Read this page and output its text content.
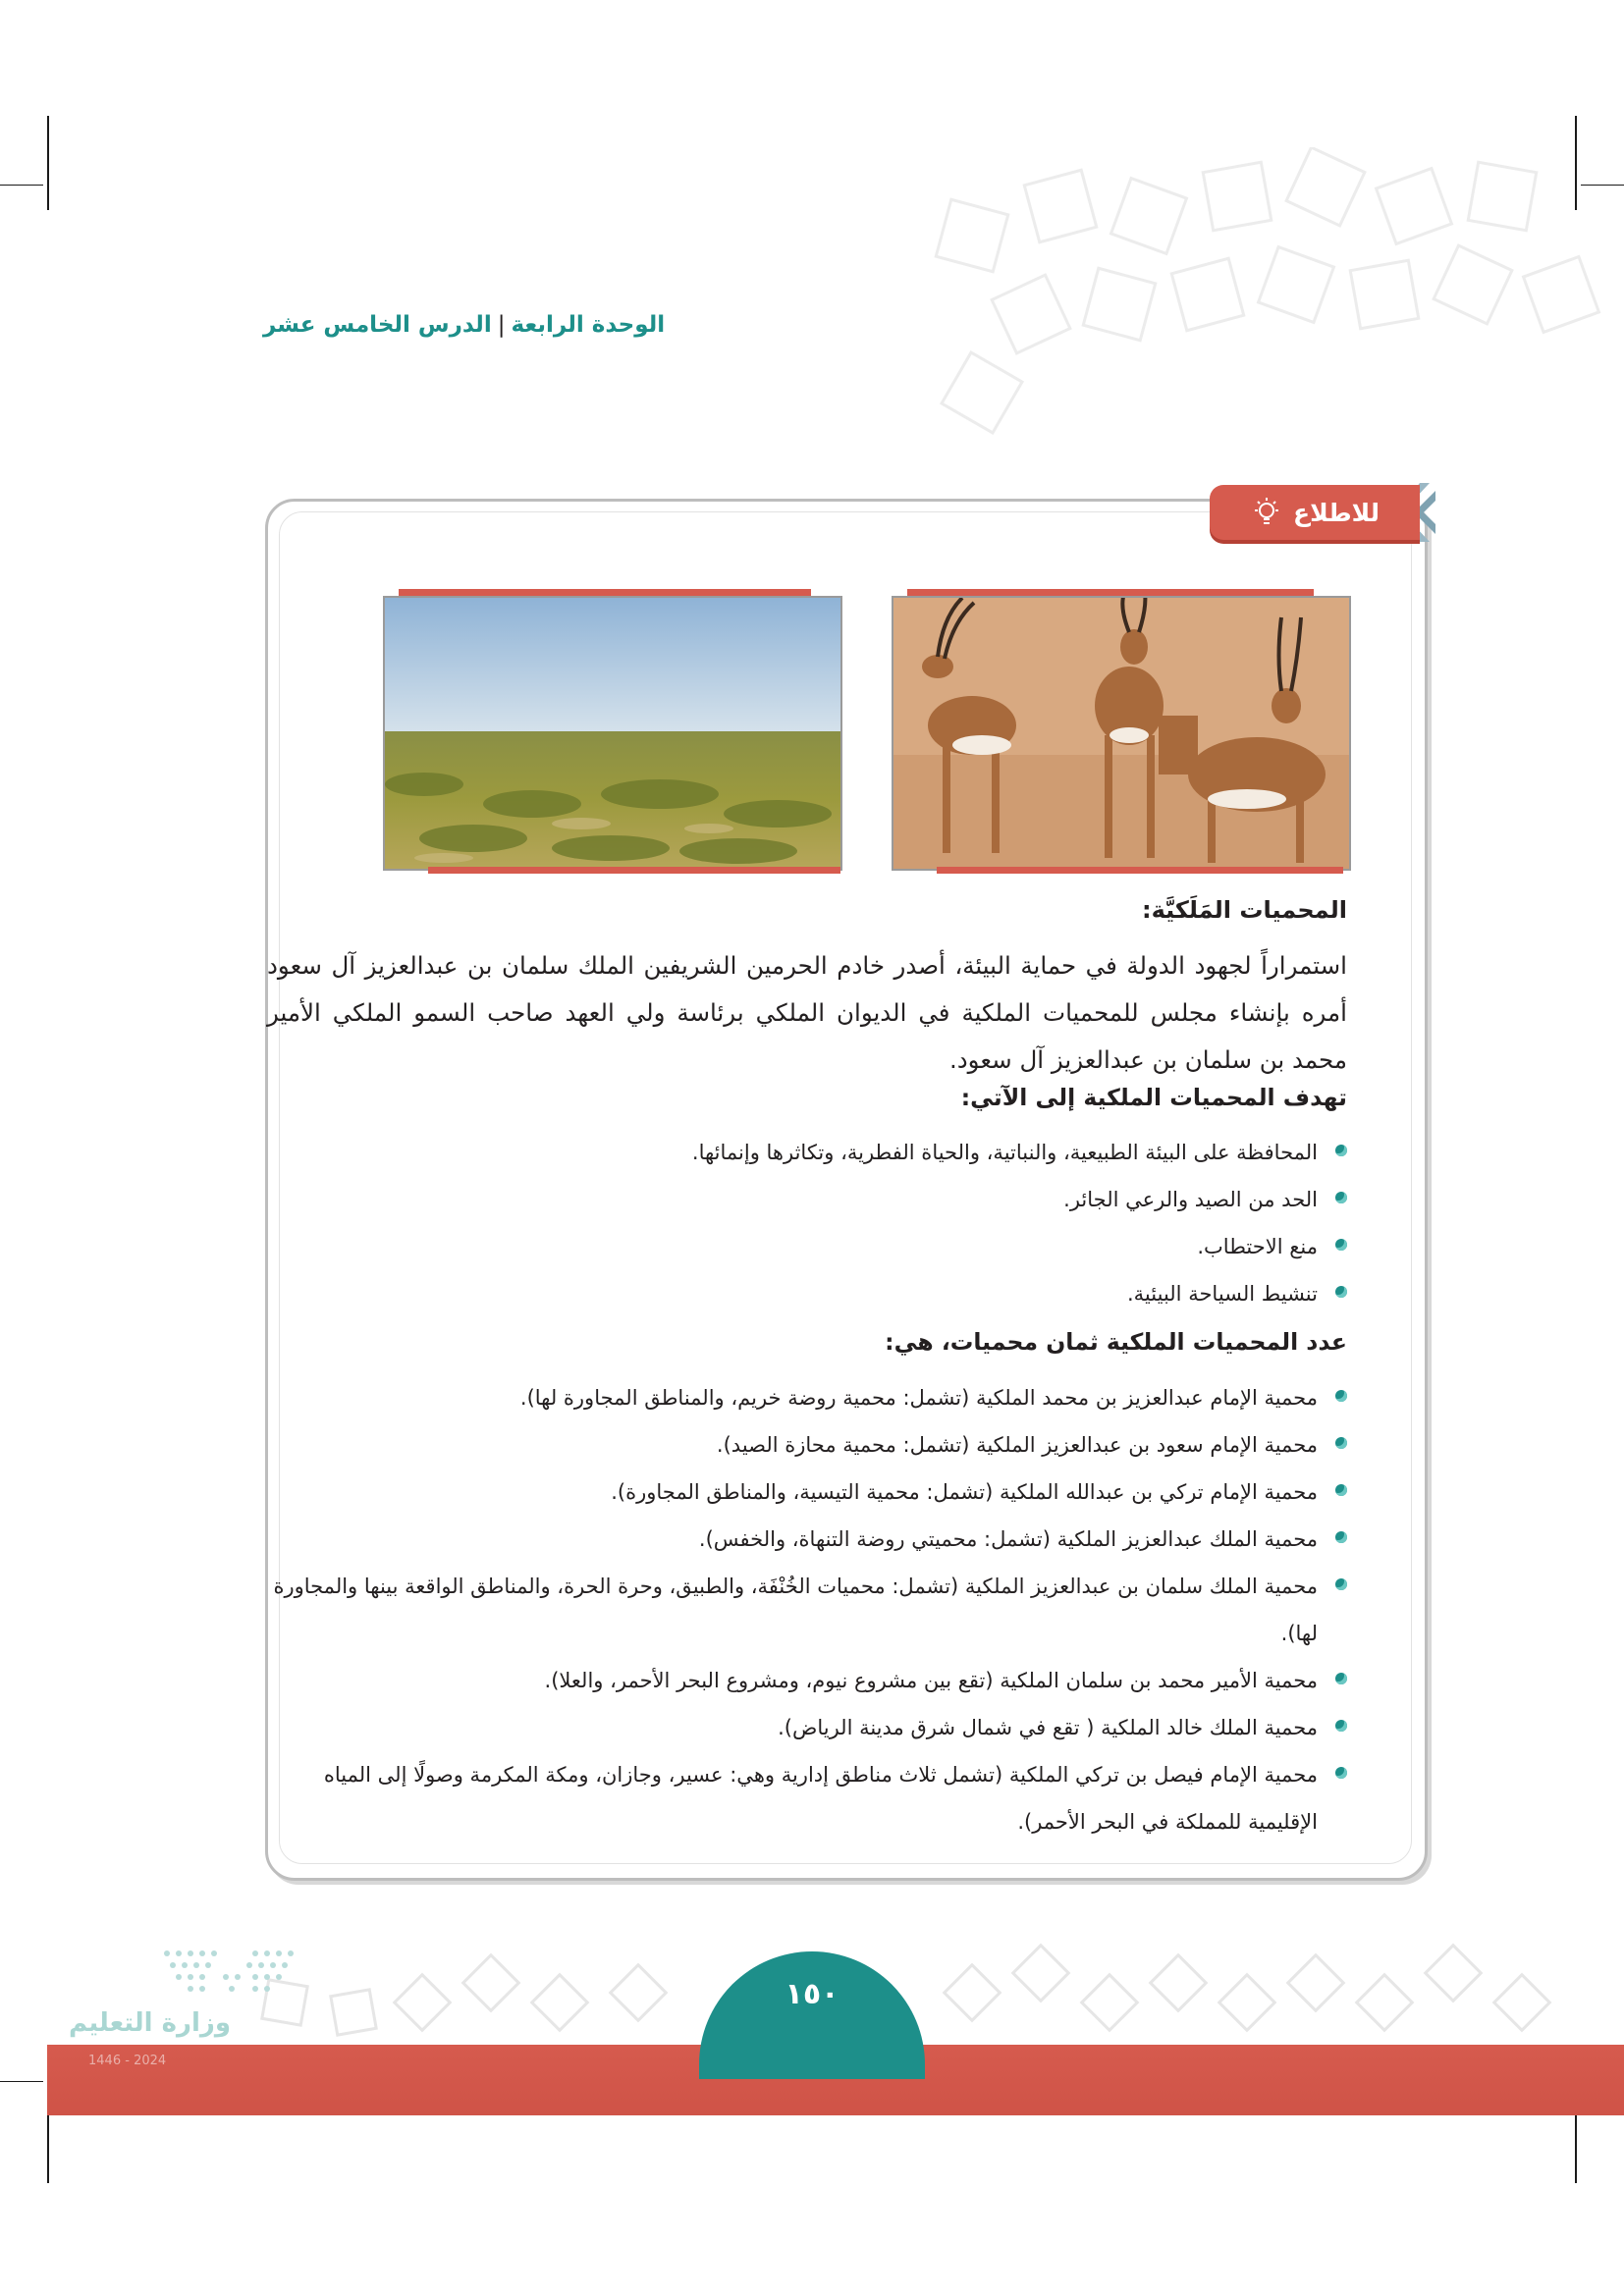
الوحدة الرابعة|الدرس الخامس عشر
للاطلاع
المحميات المَلَكيَّة:
استمراراً لجهود الدولة في حماية البيئة، أصدر خادم الحرمين الشريفين الملك سلمان بن عبدالعزيز آل سعود أمره بإنشاء مجلس للمحميات الملكية في الديوان الملكي برئاسة ولي العهد صاحب السمو الملكي الأمير محمد بن سلمان بن عبدالعزيز آل سعود.
تهدف المحميات الملكية إلى الآتي:
المحافظة على البيئة الطبيعية، والنباتية، والحياة الفطرية، وتكاثرها وإنمائها.
الحد من الصيد والرعي الجائر.
منع الاحتطاب.
تنشيط السياحة البيئية.
عدد المحميات الملكية ثمان محميات، هي:
محمية الإمام عبدالعزيز بن محمد الملكية (تشمل: محمية روضة خريم، والمناطق المجاورة لها).
محمية الإمام سعود بن عبدالعزيز الملكية (تشمل: محمية محازة الصيد).
محمية الإمام تركي بن عبدالله الملكية (تشمل: محمية التيسية، والمناطق المجاورة).
محمية الملك عبدالعزيز الملكية (تشمل: محميتي روضة التنهاة، والخفس).
محمية الملك سلمان بن عبدالعزيز الملكية (تشمل: محميات الخُنْفَة، والطبيق، وحرة الحرة، والمناطق الواقعة بينها والمجاورة لها).
محمية الأمير محمد بن سلمان الملكية (تقع بين مشروع نيوم، ومشروع البحر الأحمر، والعلا).
محمية الملك خالد الملكية ( تقع في شمال شرق مدينة الرياض).
محمية الإمام فيصل بن تركي الملكية (تشمل ثلاث مناطق إدارية وهي: عسير، وجازان، ومكة المكرمة وصولًا إلى المياه الإقليمية للمملكة في البحر الأحمر).
١٥٠
وزارة التعليم
2024 - 1446
